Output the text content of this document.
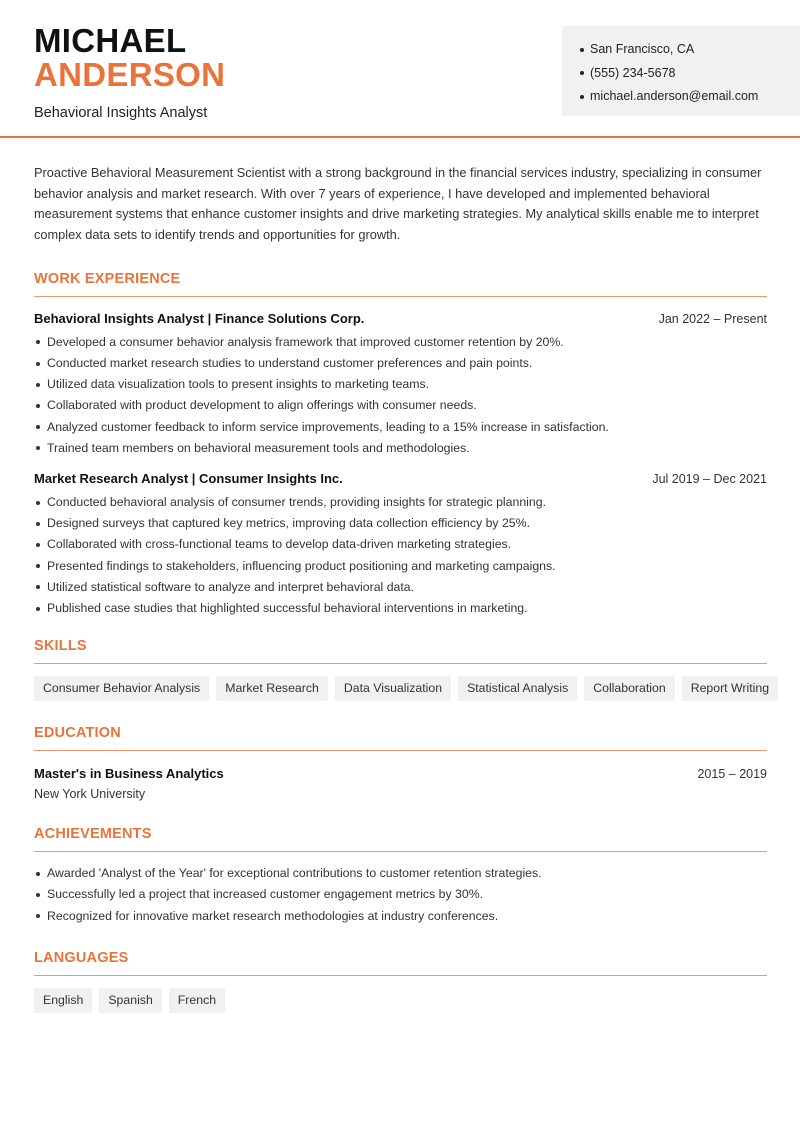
MICHAEL
ANDERSON
Behavioral Insights Analyst
San Francisco, CA
(555) 234-5678
michael.anderson@email.com

Proactive Behavioral Measurement Scientist with a strong background in the financial services industry, specializing in consumer behavior analysis and market research. With over 7 years of experience, I have developed and implemented behavioral measurement systems that enhance customer insights and drive marketing strategies. My analytical skills enable me to interpret complex data sets to identify trends and opportunities for growth.

WORK EXPERIENCE
Behavioral Insights Analyst | Finance Solutions Corp.	Jan 2022 – Present
Developed a consumer behavior analysis framework that improved customer retention by 20%.
Conducted market research studies to understand customer preferences and pain points.
Utilized data visualization tools to present insights to marketing teams.
Collaborated with product development to align offerings with consumer needs.
Analyzed customer feedback to inform service improvements, leading to a 15% increase in satisfaction.
Trained team members on behavioral measurement tools and methodologies.
Market Research Analyst | Consumer Insights Inc.	Jul 2019 – Dec 2021
Conducted behavioral analysis of consumer trends, providing insights for strategic planning.
Designed surveys that captured key metrics, improving data collection efficiency by 25%.
Collaborated with cross-functional teams to develop data-driven marketing strategies.
Presented findings to stakeholders, influencing product positioning and marketing campaigns.
Utilized statistical software to analyze and interpret behavioral data.
Published case studies that highlighted successful behavioral interventions in marketing.
SKILLS
Consumer Behavior Analysis	Market Research	Data Visualization	Statistical Analysis	Collaboration	Report Writing
EDUCATION
Master's in Business Analytics	2015 – 2019
New York University
ACHIEVEMENTS
Awarded 'Analyst of the Year' for exceptional contributions to customer retention strategies.
Successfully led a project that increased customer engagement metrics by 30%.
Recognized for innovative market research methodologies at industry conferences.
LANGUAGES
English	Spanish	French
